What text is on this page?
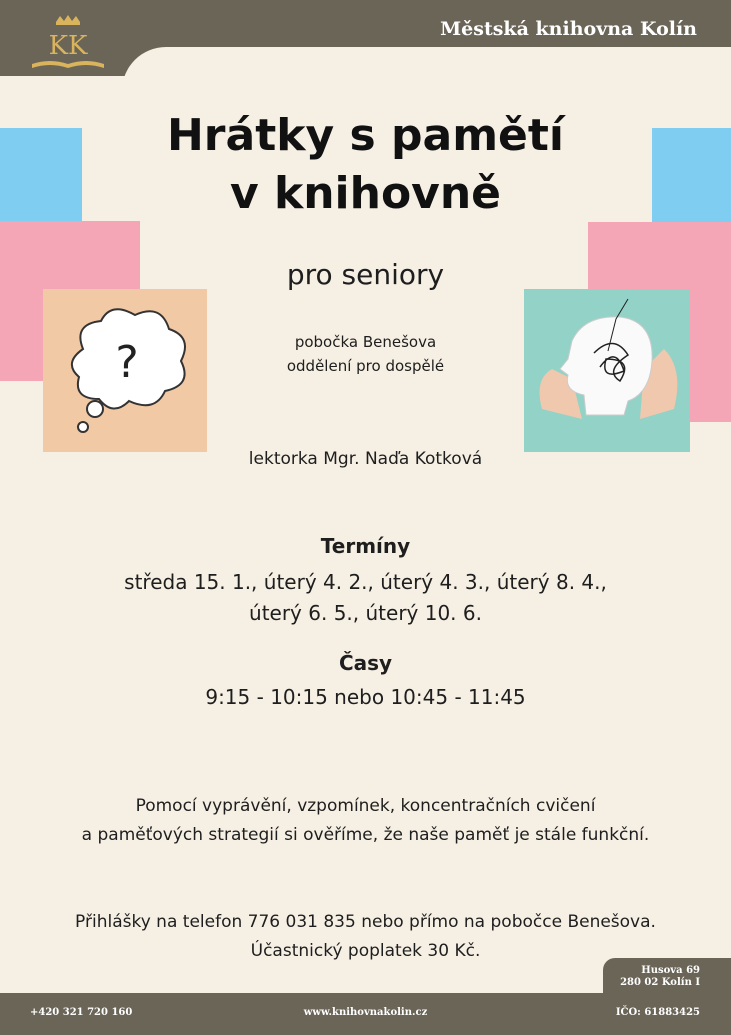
KK
Městská knihovna Kolín
?
Hrátky s pamětí
v knihovně
pro seniory
pobočka Benešova
oddělení pro dospělé
lektorka Mgr. Naďa Kotková
Termíny
středa 15. 1., úterý 4. 2., úterý 4. 3., úterý 8. 4.,
úterý 6. 5., úterý 10. 6.
Časy
9:15 - 10:15 nebo 10:45 - 11:45
Pomocí vyprávění, vzpomínek, koncentračních cvičení
a paměťových strategií si ověříme, že naše paměť je stále funkční.
Přihlášky na telefon 776 031 835 nebo přímo na pobočce Benešova.
Účastnický poplatek 30 Kč.
Husova 69
280 02 Kolín I
+420 321 720 160	www.knihovnakolin.cz	IČO: 61883425
